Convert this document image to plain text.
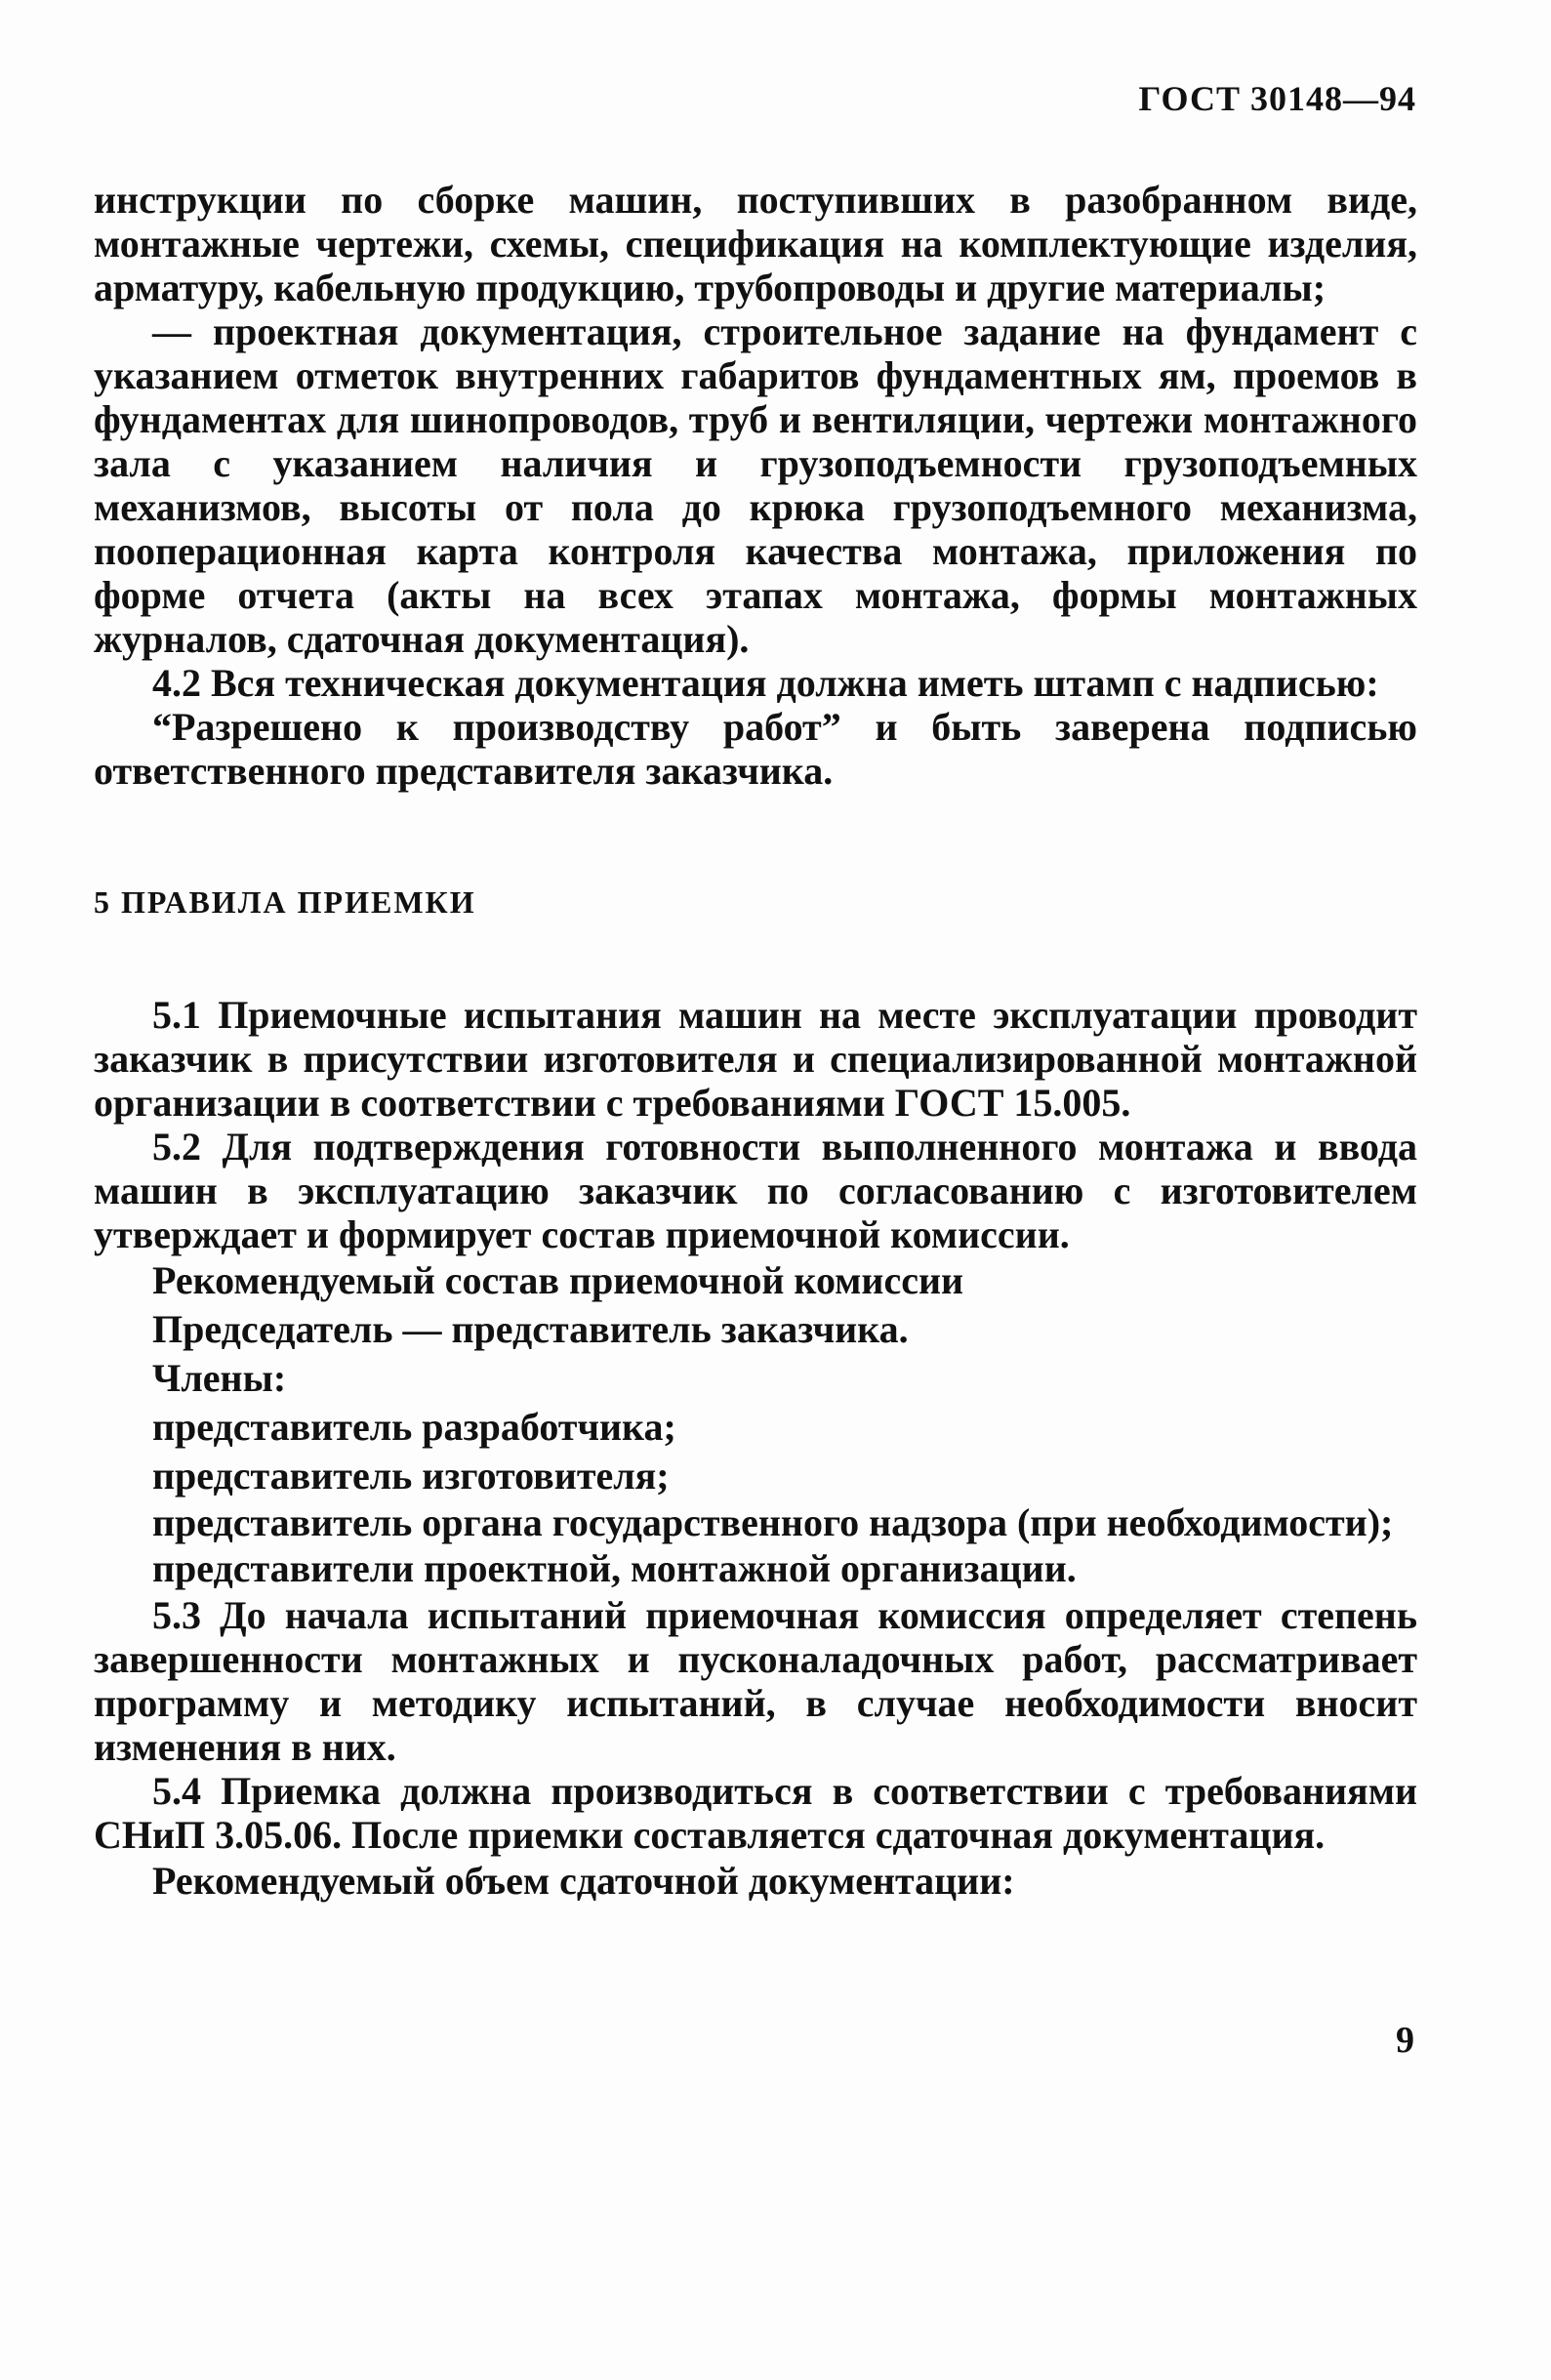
ГОСТ 30148—94

инструкции по сборке машин, поступивших в разобранном виде, монтажные чертежи, схемы, спецификация на комплектующие изделия, арматуру, кабельную продукцию, трубопроводы и другие материалы;

— проектная документация, строительное задание на фундамент с указанием отметок внутренних габаритов фундаментных ям, проемов в фундаментах для шинопроводов, труб и вентиляции, чертежи монтажного зала с указанием наличия и грузоподъемности грузоподъемных механизмов, высоты от пола до крюка грузоподъемного механизма, пооперационная карта контроля качества монтажа, приложения по форме отчета (акты на всех этапах монтажа, формы монтажных журналов, сдаточная документация).

4.2 Вся техническая документация должна иметь штамп с надписью:

“Разрешено к производству работ” и быть заверена подписью ответственного представителя заказчика.

5 ПРАВИЛА ПРИЕМКИ

5.1 Приемочные испытания машин на месте эксплуатации проводит заказчик в присутствии изготовителя и специализированной монтажной организации в соответствии с требованиями ГОСТ 15.005.

5.2 Для подтверждения готовности выполненного монтажа и ввода машин в эксплуатацию заказчик по согласованию с изготовителем утверждает и формирует состав приемочной комиссии.

Рекомендуемый состав приемочной комиссии

Председатель — представитель заказчика.

Члены:

представитель разработчика;

представитель изготовителя;

представитель органа государственного надзора (при необходимости);

представители проектной, монтажной организации.

5.3 До начала испытаний приемочная комиссия определяет степень завершенности монтажных и пусконаладочных работ, рассматривает программу и методику испытаний, в случае необходимости вносит изменения в них.

5.4 Приемка должна производиться в соответствии с требованиями СНиП 3.05.06. После приемки составляется сдаточная документация.

Рекомендуемый объем сдаточной документации:

9
